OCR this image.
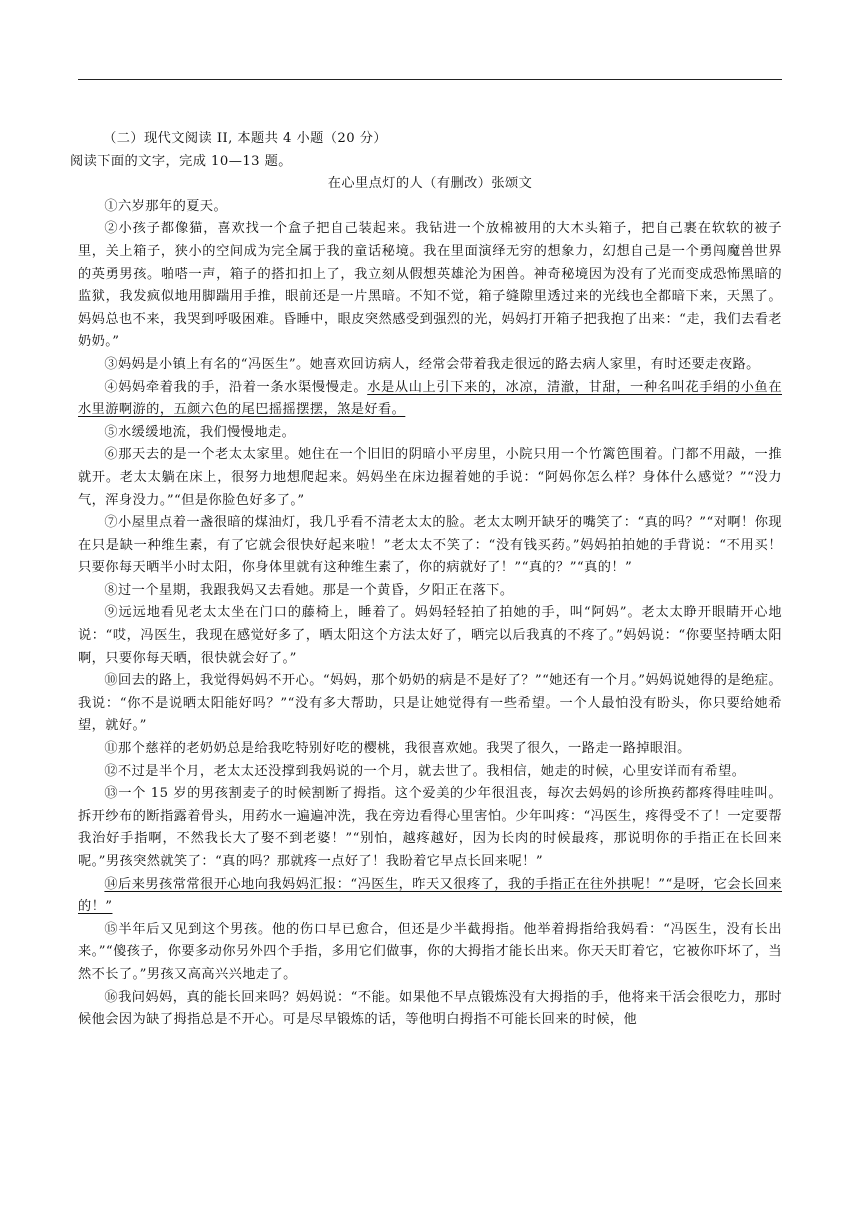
（二）现代文阅读 II, 本题共 4 小题（20 分）

阅读下面的文字，完成 10—13 题。

在心里点灯的人（有删改）张颂文

①六岁那年的夏天。

②小孩子都像猫，喜欢找一个盒子把自己装起来。我钻进一个放棉被用的大木头箱子，把自己裹在软软的被子里，关上箱子，狭小的空间成为完全属于我的童话秘境。我在里面演绎无穷的想象力，幻想自己是一个勇闯魔兽世界的英勇男孩。啪嗒一声，箱子的搭扣扣上了，我立刻从假想英雄沦为困兽。神奇秘境因为没有了光而变成恐怖黑暗的监狱，我发疯似地用脚踹用手推，眼前还是一片黑暗。不知不觉，箱子缝隙里透过来的光线也全都暗下来，天黑了。妈妈总也不来，我哭到呼吸困难。昏睡中，眼皮突然感受到强烈的光，妈妈打开箱子把我抱了出来：“走，我们去看老奶奶。”

③妈妈是小镇上有名的“冯医生”。她喜欢回访病人，经常会带着我走很远的路去病人家里，有时还要走夜路。

④妈妈牵着我的手，沿着一条水渠慢慢走。水是从山上引下来的，冰凉，清澈，甘甜，一种名叫花手绢的小鱼在水里游啊游的，五颜六色的尾巴摇摇摆摆，煞是好看。

⑤水缓缓地流，我们慢慢地走。

⑥那天去的是一个老太太家里。她住在一个旧旧的阴暗小平房里，小院只用一个竹篱笆围着。门都不用敲，一推就开。老太太躺在床上，很努力地想爬起来。妈妈坐在床边握着她的手说：“阿妈你怎么样？身体什么感觉？”“没力气，浑身没力。”“但是你脸色好多了。”

⑦小屋里点着一盏很暗的煤油灯，我几乎看不清老太太的脸。老太太咧开缺牙的嘴笑了：“真的吗？”“对啊！你现在只是缺一种维生素，有了它就会很快好起来啦！”老太太不笑了：“没有钱买药。”妈妈拍拍她的手背说：“不用买！只要你每天晒半小时太阳，你身体里就有这种维生素了，你的病就好了！”“真的？”“真的！”

⑧过一个星期，我跟我妈又去看她。那是一个黄昏，夕阳正在落下。

⑨远远地看见老太太坐在门口的藤椅上，睡着了。妈妈轻轻拍了拍她的手，叫“阿妈”。老太太睁开眼睛开心地说：“哎，冯医生，我现在感觉好多了，晒太阳这个方法太好了，晒完以后我真的不疼了。”妈妈说：“你要坚持晒太阳啊，只要你每天晒，很快就会好了。”

⑩回去的路上，我觉得妈妈不开心。“妈妈，那个奶奶的病是不是好了？”“她还有一个月。”妈妈说她得的是绝症。我说：“你不是说晒太阳能好吗？”“没有多大帮助，只是让她觉得有一些希望。一个人最怕没有盼头，你只要给她希望，就好。”

⑪那个慈祥的老奶奶总是给我吃特别好吃的樱桃，我很喜欢她。我哭了很久，一路走一路掉眼泪。

⑫不过是半个月，老太太还没撑到我妈说的一个月，就去世了。我相信，她走的时候，心里安详而有希望。

⑬一个 15 岁的男孩割麦子的时候割断了拇指。这个爱美的少年很沮丧，每次去妈妈的诊所换药都疼得哇哇叫。拆开纱布的断指露着骨头，用药水一遍遍冲洗，我在旁边看得心里害怕。少年叫疼：“冯医生，疼得受不了！一定要帮我治好手指啊，不然我长大了娶不到老婆！”“别怕，越疼越好，因为长肉的时候最疼，那说明你的手指正在长回来呢。”男孩突然就笑了：“真的吗？那就疼一点好了！我盼着它早点长回来呢！”

⑭后来男孩常常很开心地向我妈妈汇报：“冯医生，昨天又很疼了，我的手指正在往外拱呢！”“是呀，它会长回来的！”

⑮半年后又见到这个男孩。他的伤口早已愈合，但还是少半截拇指。他举着拇指给我妈看：“冯医生，没有长出来。”“傻孩子，你要多动你另外四个手指，多用它们做事，你的大拇指才能长出来。你天天盯着它，它被你吓坏了，当然不长了。”男孩又高高兴兴地走了。

⑯我问妈妈，真的能长回来吗？妈妈说：“不能。如果他不早点锻炼没有大拇指的手，他将来干活会很吃力，那时候他会因为缺了拇指总是不开心。可是尽早锻炼的话，等他明白拇指不可能长回来的时候，他
